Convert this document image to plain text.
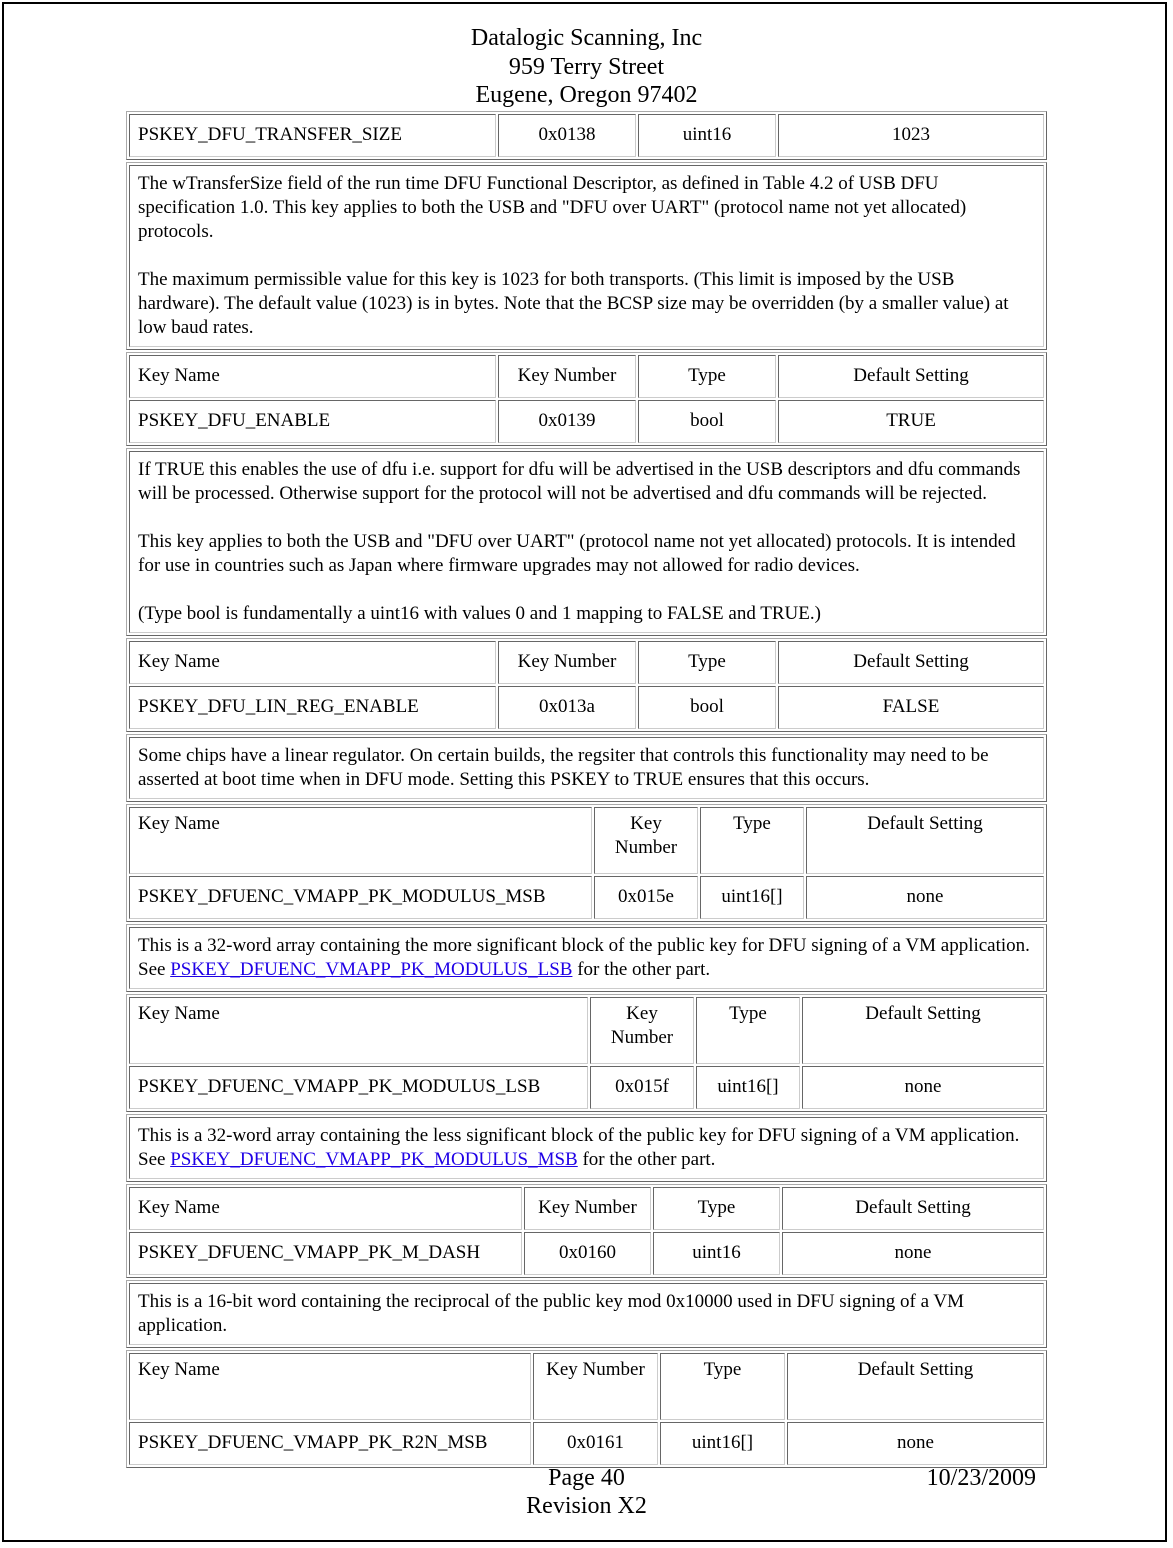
Datalogic Scanning, Inc
959 Terry Street
Eugene, Oregon 97402
PSKEY_DFU_TRANSFER_SIZE	0x0138	uint16	1023

The wTransferSize field of the run time DFU Functional Descriptor, as defined in Table 4.2 of USB DFU specification 1.0. This key applies to both the USB and "DFU over UART" (protocol name not yet allocated) protocols.

The maximum permissible value for this key is 1023 for both transports. (This limit is imposed by the USB hardware). The default value (1023) is in bytes. Note that the BCSP size may be overridden (by a smaller value) at low baud rates.

Key Name	Key Number	Type	Default Setting
PSKEY_DFU_ENABLE	0x0139	bool	TRUE

If TRUE this enables the use of dfu i.e. support for dfu will be advertised in the USB descriptors and dfu commands will be processed. Otherwise support for the protocol will not be advertised and dfu commands will be rejected.

This key applies to both the USB and "DFU over UART" (protocol name not yet allocated) protocols. It is intended for use in countries such as Japan where firmware upgrades may not allowed for radio devices.

(Type bool is fundamentally a uint16 with values 0 and 1 mapping to FALSE and TRUE.)

Key Name	Key Number	Type	Default Setting
PSKEY_DFU_LIN_REG_ENABLE	0x013a	bool	FALSE

Some chips have a linear regulator. On certain builds, the regsiter that controls this functionality may need to be asserted at boot time when in DFU mode. Setting this PSKEY to TRUE ensures that this occurs.

Key Name	Key Number	Type	Default Setting
PSKEY_DFUENC_VMAPP_PK_MODULUS_MSB	0x015e	uint16[]	none

This is a 32-word array containing the more significant block of the public key for DFU signing of a VM application. See PSKEY_DFUENC_VMAPP_PK_MODULUS_LSB for the other part.

Key Name	Key Number	Type	Default Setting
PSKEY_DFUENC_VMAPP_PK_MODULUS_LSB	0x015f	uint16[]	none

This is a 32-word array containing the less significant block of the public key for DFU signing of a VM application. See PSKEY_DFUENC_VMAPP_PK_MODULUS_MSB for the other part.

Key Name	Key Number	Type	Default Setting
PSKEY_DFUENC_VMAPP_PK_M_DASH	0x0160	uint16	none

This is a 16-bit word containing the reciprocal of the public key mod 0x10000 used in DFU signing of a VM application.

Key Name	Key Number	Type	Default Setting
PSKEY_DFUENC_VMAPP_PK_R2N_MSB	0x0161	uint16[]	none
Page 40	10/23/2009
Revision X2
